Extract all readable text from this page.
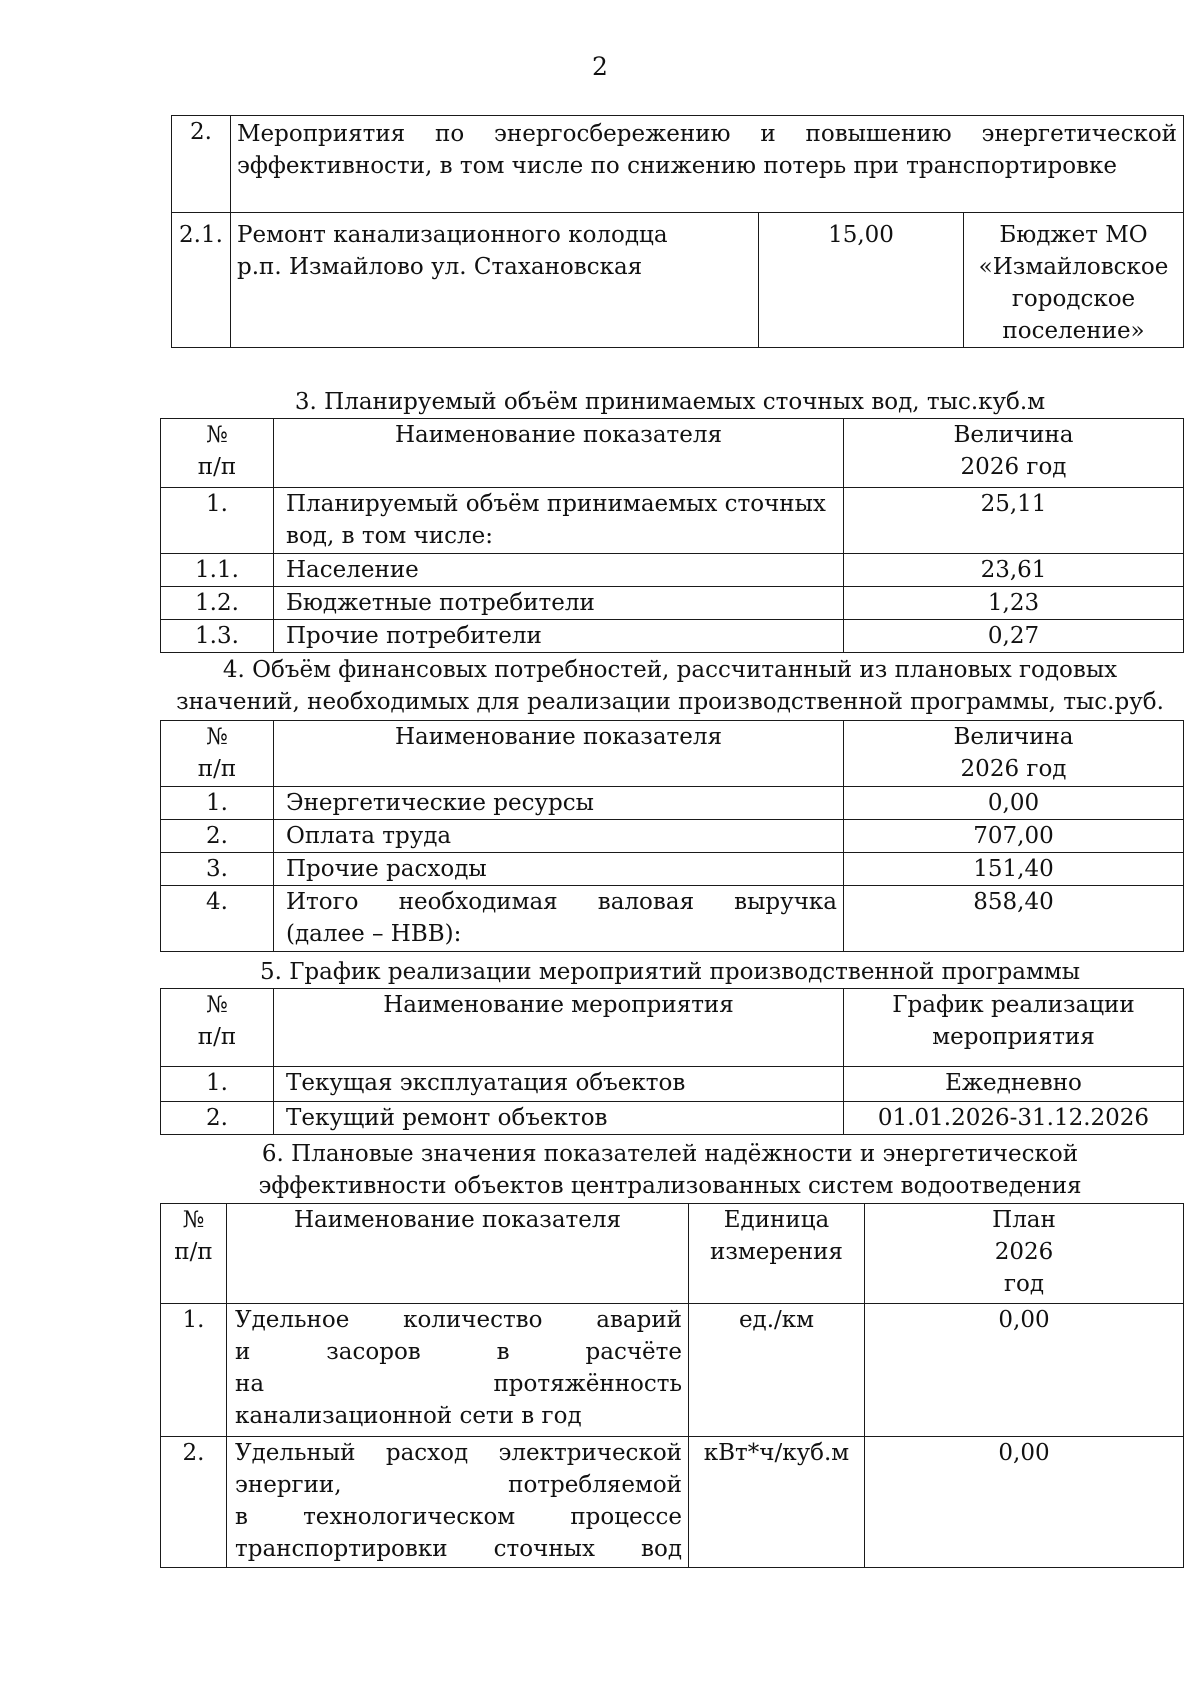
2
2.	Мероприятия по энергосбережению и повышению энергетической
эффективности, в том числе по снижению потерь при транспортировке		

2.1.	Ремонт канализационного колодца
р.п. Измайлово ул. Стахановская	15,00	Бюджет МО
«Измайловское
городское
поселение»
3. Планируемый объём принимаемых сточных вод, тыс.куб.м
№
п/п	Наименование показателя	Величина
2026 год

1.	Планируемый объём принимаемых сточных
вод, в том числе:	25,11
1.1.	Население	23,61
1.2.	Бюджетные потребители	1,23
1.3.	Прочие потребители	0,27
4. Объём финансовых потребностей, рассчитанный из плановых годовых
значений, необходимых для реализации производственной программы, тыс.руб.
№
п/п	Наименование показателя	Величина
2026 год

1.	Энергетические ресурсы	0,00
2.	Оплата труда	707,00
3.	Прочие расходы	151,40
4.	Итого необходимая валовая выручка
(далее – НВВ):	858,40
5. График реализации мероприятий производственной программы
№
п/п	Наименование мероприятия	График реализации
мероприятия

1.	Текущая эксплуатация объектов	Ежедневно
2.	Текущий ремонт объектов	01.01.2026-31.12.2026
6. Плановые значения показателей надёжности и энергетической
эффективности объектов централизованных систем водоотведения
№
п/п	Наименование показателя	Единица
измерения	План
2026
год

1.	Удельное количество аварий
и засоров в расчёте
на протяжённость
канализационной сети в год	ед./км	0,00
2.	Удельный расход электрической
энергии, потребляемой
в технологическом процессе
транспортировки сточных вод	кВт*ч/куб.м	0,00
